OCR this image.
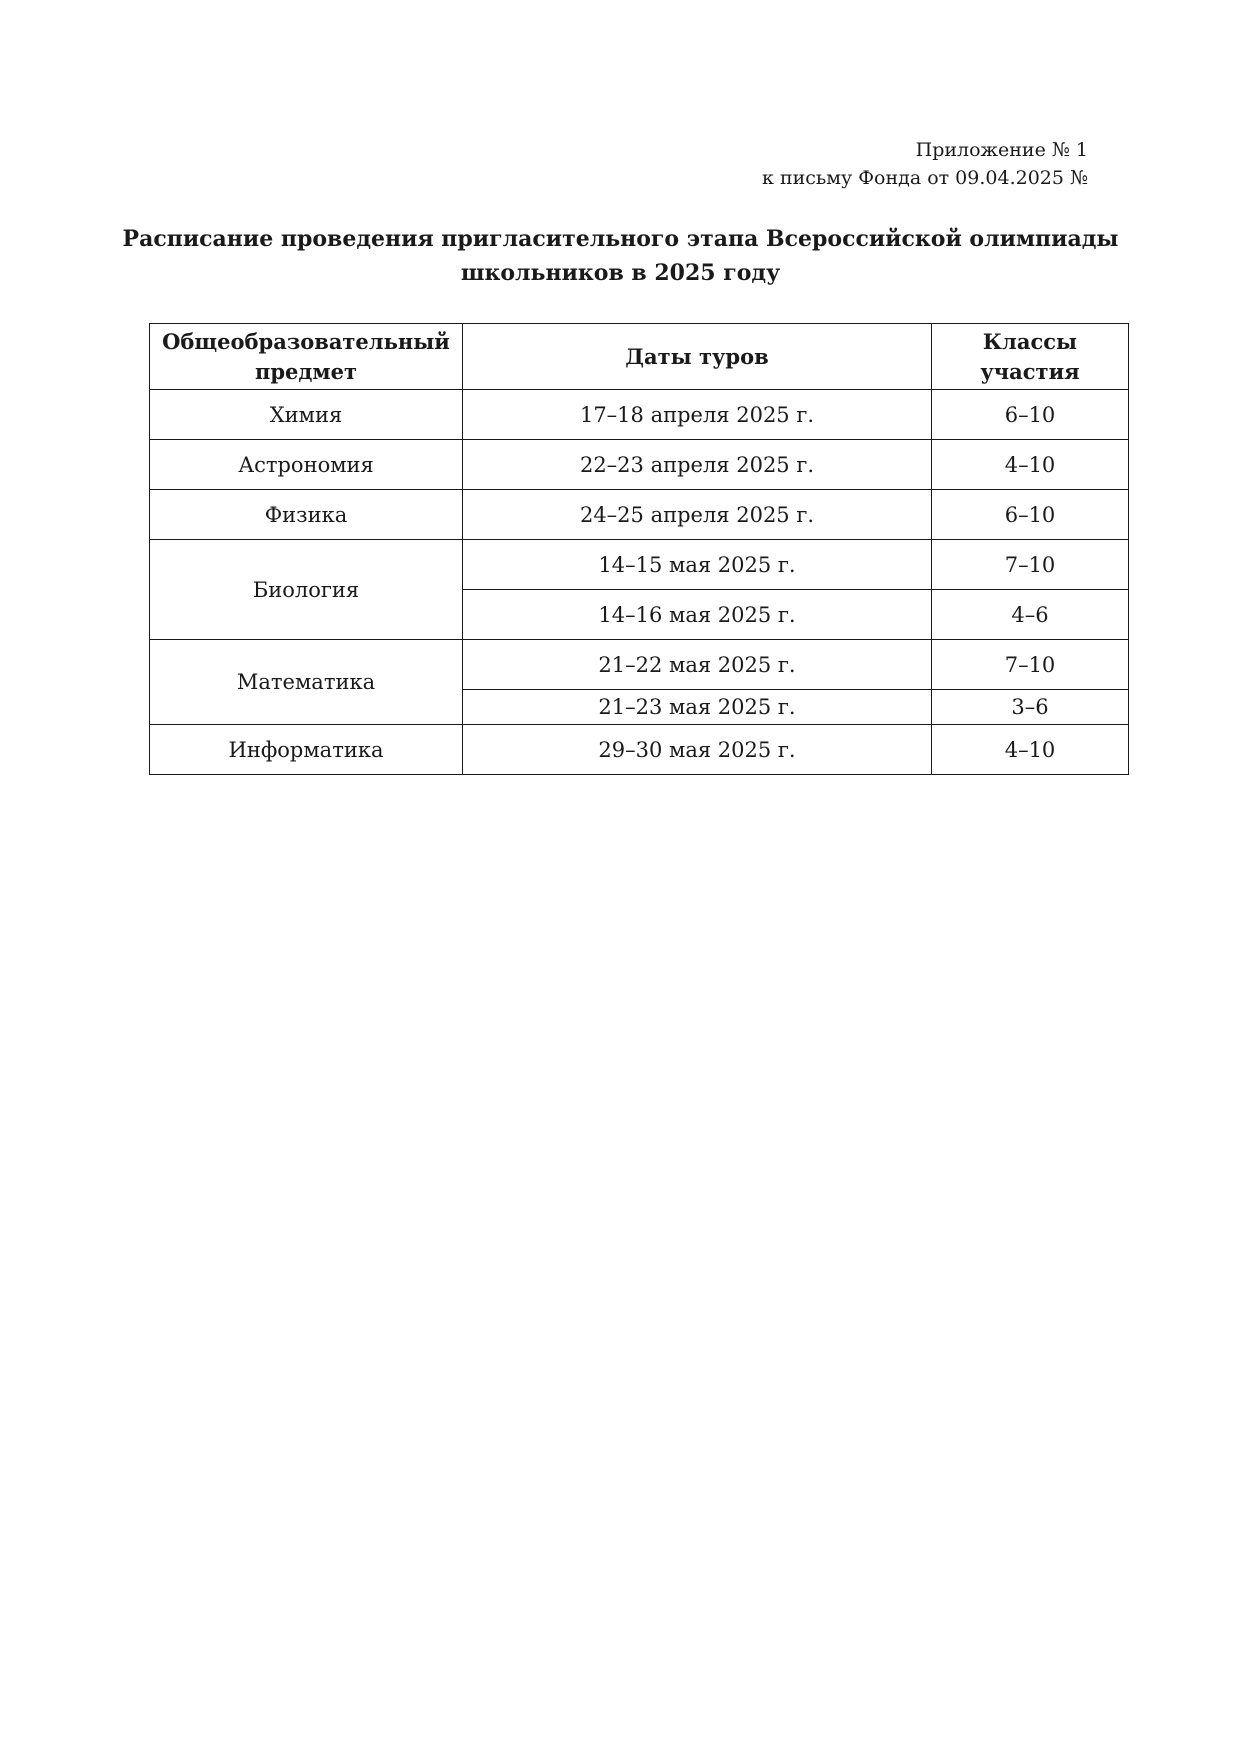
Приложение № 1
к письму Фонда от 09.04.2025 №
Расписание проведения пригласительного этапа Всероссийской олимпиады
школьников в 2025 году
Общеобразовательный предмет	Даты туров	Классы участия
Химия	17–18 апреля 2025 г.	6–10
Астрономия	22–23 апреля 2025 г.	4–10
Физика	24–25 апреля 2025 г.	6–10
Биология	14–15 мая 2025 г.	7–10
	14–16 мая 2025 г.	4–6
Математика	21–22 мая 2025 г.	7–10
	21–23 мая 2025 г.	3–6
Информатика	29–30 мая 2025 г.	4–10
